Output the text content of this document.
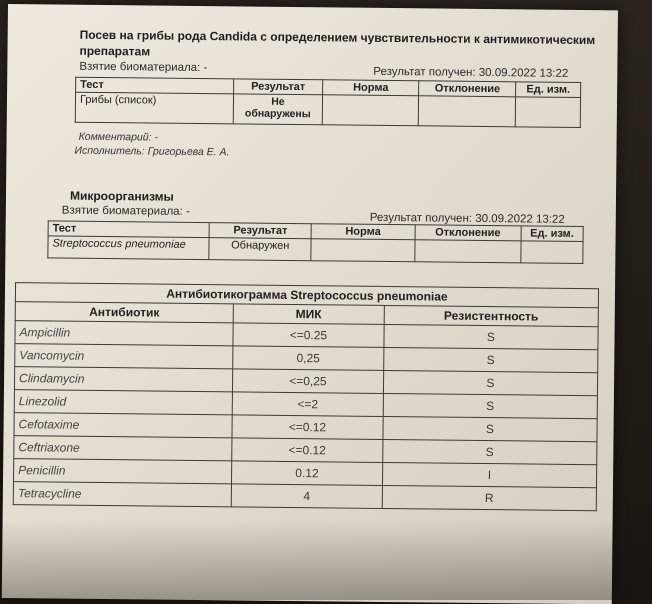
Посев на грибы рода Candida с определением чувствительности к антимикотическим препаратам
Взятие биоматериала: -	Результат получен: 30.09.2022 13:22
Тест	Результат	Норма	Отклонение	Ед. изм.
Грибы (список)	Не обнаружены			
Комментарий: -
Исполнитель: Григорьева Е. А.
Микроорганизмы
Взятие биоматериала: -
Результат получен: 30.09.2022 13:22
Тест	Результат	Норма	Отклонение	Ед. изм.
Streptococcus pneumoniae	Обнаружен			
Антибиотикограмма Streptococcus pneumoniae		
Антибиотик	МИК	Резистентность
Ampicillin	<=0.25	S
Vancomycin	0,25	S
Clindamycin	<=0,25	S
Linezolid	<=2	S
Cefotaxime	<=0.12	S
Ceftriaxone	<=0.12	S
Penicillin	0.12	I
Tetracycline	4	R
